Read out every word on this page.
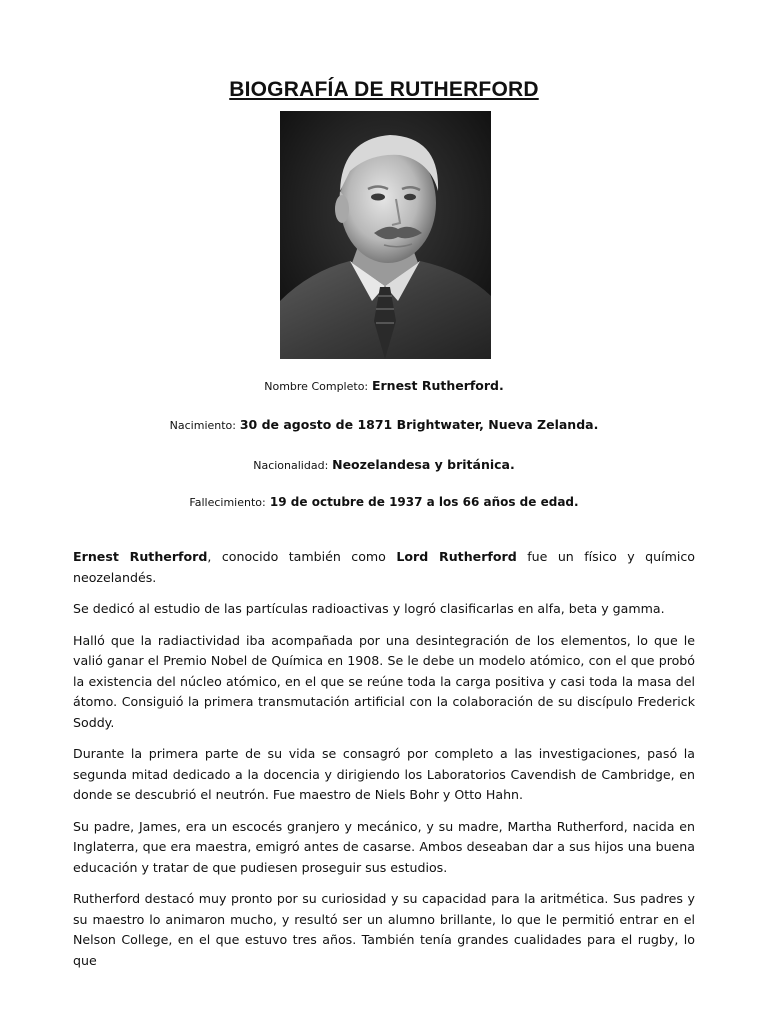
BIOGRAFÍA DE RUTHERFORD
Nombre Completo: Ernest Rutherford.
Nacimiento: 30 de agosto de 1871 Brightwater, Nueva Zelanda.
Nacionalidad: Neozelandesa y británica.
Fallecimiento: 19 de octubre de 1937 a los 66 años de edad.

Ernest Rutherford, conocido también como Lord Rutherford fue un físico y químico neozelandés.

Se dedicó al estudio de las partículas radioactivas y logró clasificarlas en alfa, beta y gamma.

Halló que la radiactividad iba acompañada por una desintegración de los elementos, lo que le valió ganar el Premio Nobel de Química en 1908. Se le debe un modelo atómico, con el que probó la existencia del núcleo atómico, en el que se reúne toda la carga positiva y casi toda la masa del átomo. Consiguió la primera transmutación artificial con la colaboración de su discípulo Frederick Soddy.

Durante la primera parte de su vida se consagró por completo a las investigaciones, pasó la segunda mitad dedicado a la docencia y dirigiendo los Laboratorios Cavendish de Cambridge, en donde se descubrió el neutrón. Fue maestro de Niels Bohr y Otto Hahn.

Su padre, James, era un escocés granjero y mecánico, y su madre, Martha Rutherford, nacida en Inglaterra, que era maestra, emigró antes de casarse. Ambos deseaban dar a sus hijos una buena educación y tratar de que pudiesen proseguir sus estudios.

Rutherford destacó muy pronto por su curiosidad y su capacidad para la aritmética. Sus padres y su maestro lo animaron mucho, y resultó ser un alumno brillante, lo que le permitió entrar en el Nelson College, en el que estuvo tres años. También tenía grandes cualidades para el rugby, lo que
